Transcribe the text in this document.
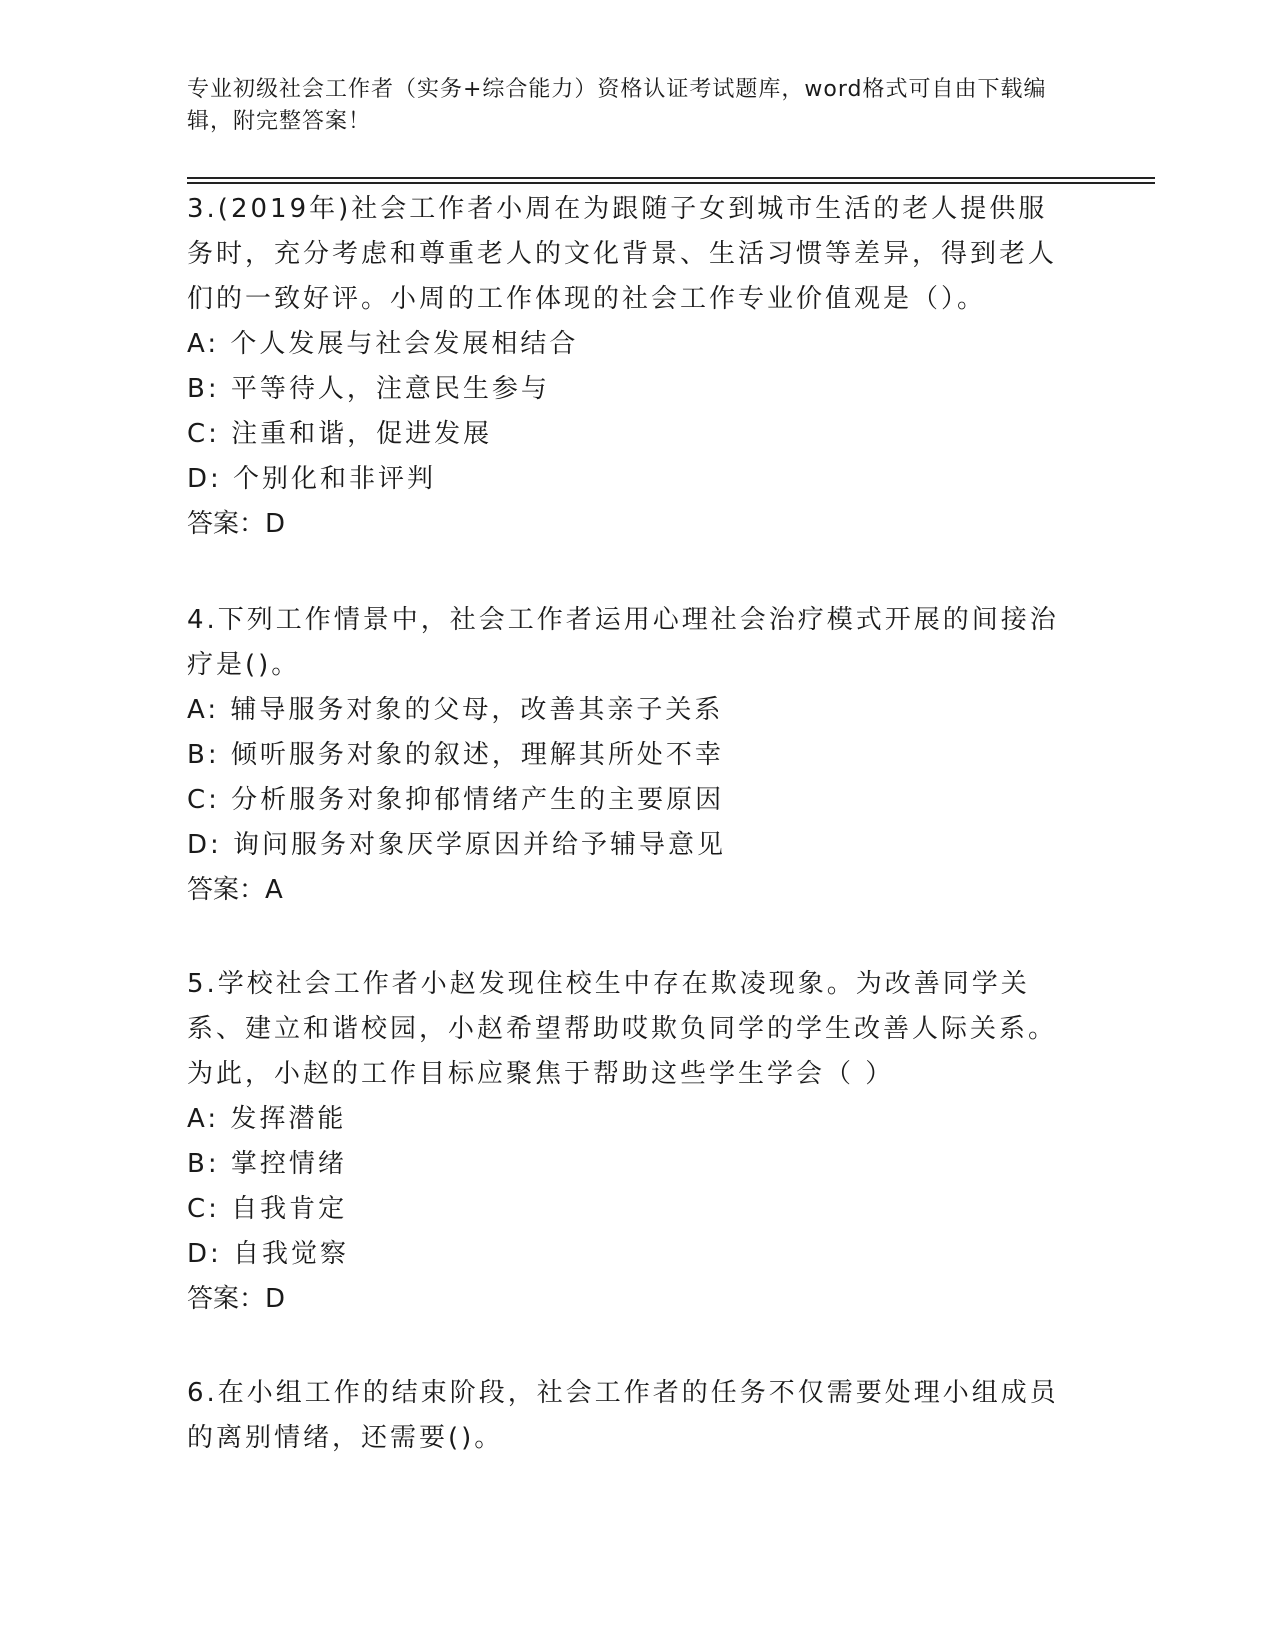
专业初级社会工作者（实务+综合能力）资格认证考试题库，word格式可自由下载编辑，附完整答案！

3.(2019年)社会工作者小周在为跟随子女到城市生活的老人提供服务时，充分考虑和尊重老人的文化背景、生活习惯等差异，得到老人们的一致好评。小周的工作体现的社会工作专业价值观是（）。

A: 个人发展与社会发展相结合

B: 平等待人，注意民生参与

C: 注重和谐，促进发展

D: 个别化和非评判

答案：D

4.下列工作情景中，社会工作者运用心理社会治疗模式开展的间接治疗是()。

A: 辅导服务对象的父母，改善其亲子关系

B: 倾听服务对象的叙述，理解其所处不幸

C: 分析服务对象抑郁情绪产生的主要原因

D: 询问服务对象厌学原因并给予辅导意见

答案：A

5.学校社会工作者小赵发现住校生中存在欺凌现象。为改善同学关系、建立和谐校园，小赵希望帮助哎欺负同学的学生改善人际关系。为此，小赵的工作目标应聚焦于帮助这些学生学会（ ）

A: 发挥潜能

B: 掌控情绪

C: 自我肯定

D: 自我觉察

答案：D

6.在小组工作的结束阶段，社会工作者的任务不仅需要处理小组成员的离别情绪，还需要()。
